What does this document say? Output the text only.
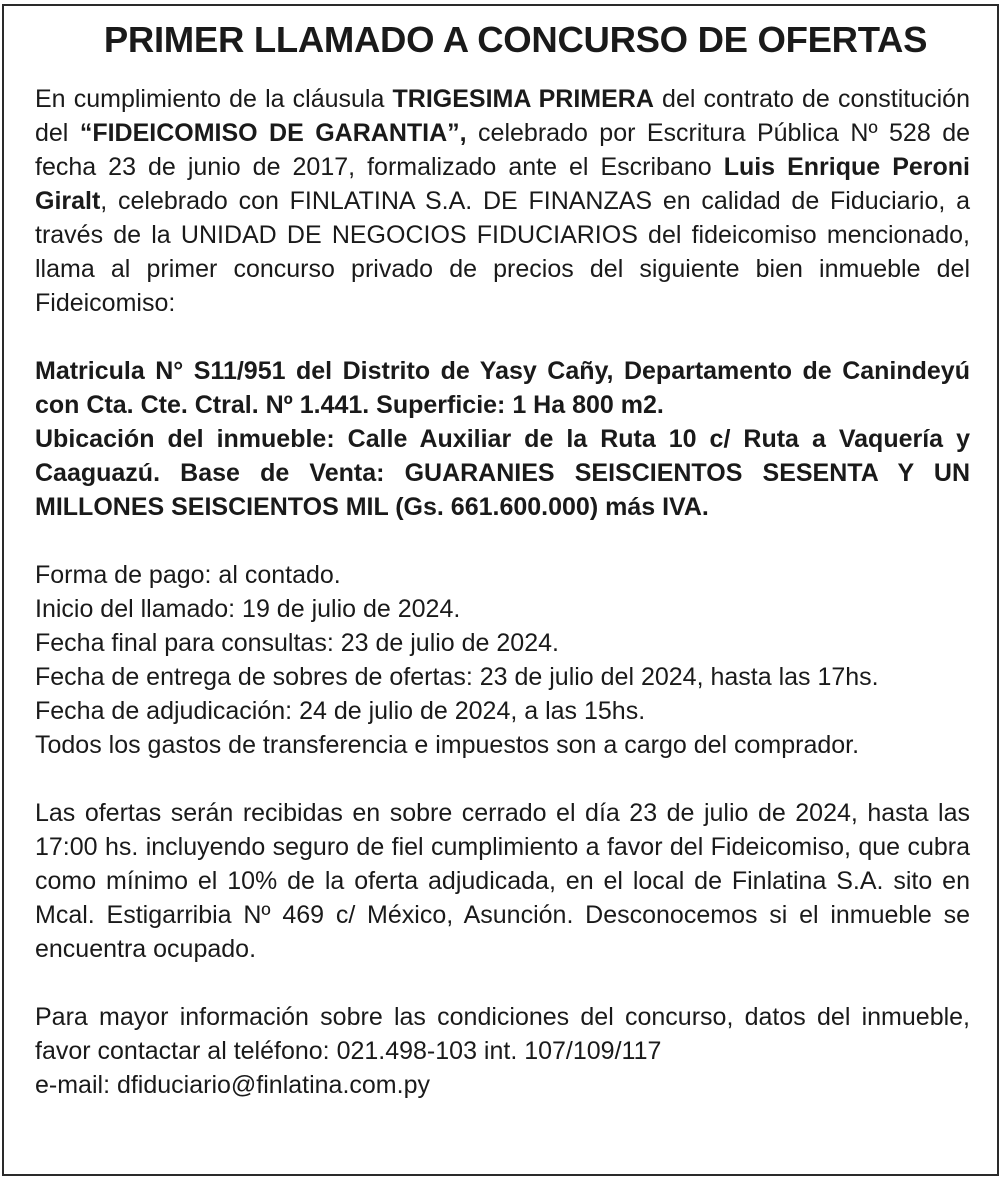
PRIMER LLAMADO A CONCURSO DE OFERTAS

En cumplimiento de la cláusula TRIGESIMA PRIMERA del contrato de constitución del “FIDEICOMISO DE GARANTIA”, celebrado por Escritura Pública Nº 528 de fecha 23 de junio de 2017, formalizado ante el Escribano Luis Enrique Peroni Giralt, celebrado con FINLATINA S.A. DE FINANZAS en calidad de Fiduciario, a través de la UNIDAD DE NEGOCIOS FIDUCIARIOS del fideicomiso mencionado, llama al primer concurso privado de precios del siguiente bien inmueble del Fideicomiso:

Matricula N° S11/951 del Distrito de Yasy Cañy, Departamento de Canindeyú con Cta. Cte. Ctral. Nº 1.441. Superficie: 1 Ha 800 m2.

Ubicación del inmueble: Calle Auxiliar de la Ruta 10 c/ Ruta a Vaquería y Caaguazú. Base de Venta: GUARANIES SEISCIENTOS SESENTA Y UN MILLONES SEISCIENTOS MIL (Gs. 661.600.000) más IVA.

Forma de pago: al contado.

Inicio del llamado: 19 de julio de 2024.

Fecha final para consultas: 23 de julio de 2024.

Fecha de entrega de sobres de ofertas: 23 de julio del 2024, hasta las 17hs.

Fecha de adjudicación: 24 de julio de 2024, a las 15hs.

Todos los gastos de transferencia e impuestos son a cargo del comprador.

Las ofertas serán recibidas en sobre cerrado el día 23 de julio de 2024, hasta las 17:00 hs. incluyendo seguro de fiel cumplimiento a favor del Fideicomiso, que cubra como mínimo el 10% de la oferta adjudicada, en el local de Finlatina S.A. sito en Mcal. Estigarribia Nº 469 c/ México, Asunción. Desconocemos si el inmueble se encuentra ocupado.

Para mayor información sobre las condiciones del concurso, datos del inmueble, favor contactar al teléfono: 021.498-103 int. 107/109/117

e-mail: dfiduciario@finlatina.com.py
